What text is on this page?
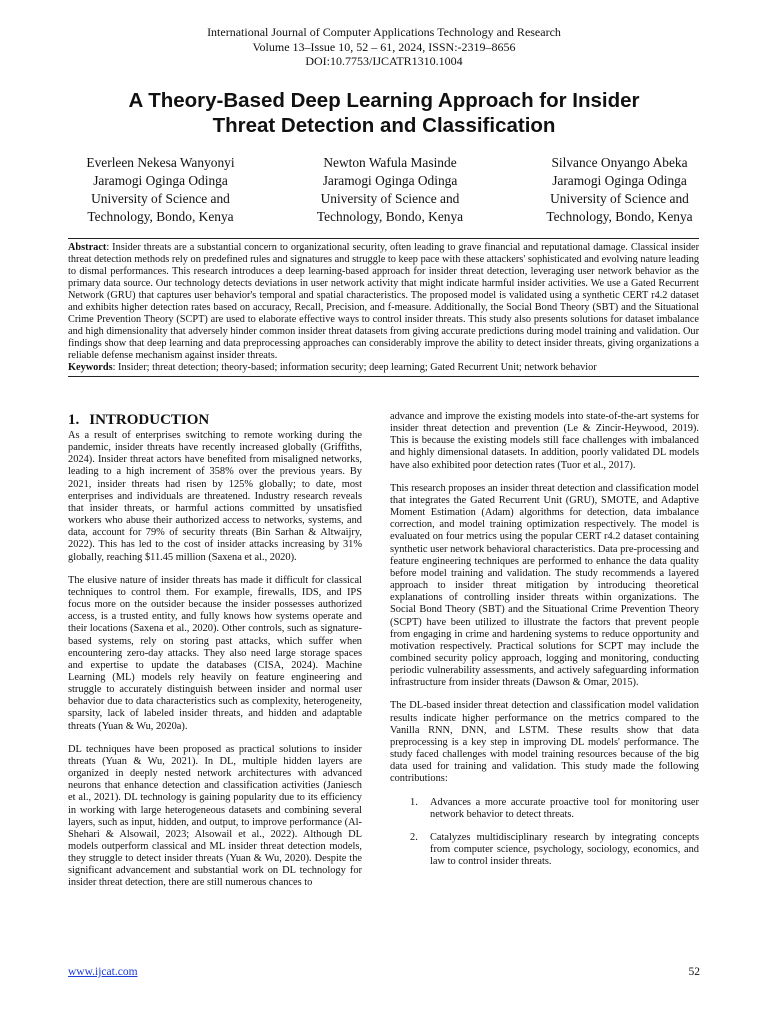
International Journal of Computer Applications Technology and Research
Volume 13–Issue 10, 52 – 61, 2024, ISSN:-2319–8656
DOI:10.7753/IJCATR1310.1004
A Theory-Based Deep Learning Approach for Insider
Threat Detection and Classification
Everleen Nekesa Wanyonyi
Jaramogi Oginga Odinga
University of Science and
Technology, Bondo, Kenya
Newton Wafula Masinde
Jaramogi Oginga Odinga
University of Science and
Technology, Bondo, Kenya
Silvance Onyango Abeka
Jaramogi Oginga Odinga
University of Science and
Technology, Bondo, Kenya

Abstract: Insider threats are a substantial concern to organizational security, often leading to grave financial and reputational damage. Classical insider threat detection methods rely on predefined rules and signatures and struggle to keep pace with these attackers' sophisticated and evolving nature leading to dismal performances. This research introduces a deep learning-based approach for insider threat detection, leveraging user network behavior as the primary data source. Our technology detects deviations in user network activity that might indicate harmful insider activities. We use a Gated Recurrent Network (GRU) that captures user behavior's temporal and spatial characteristics. The proposed model is validated using a synthetic CERT r4.2 dataset and exhibits higher detection rates based on accuracy, Recall, Precision, and f-measure. Additionally, the Social Bond Theory (SBT) and the Situational Crime Prevention Theory (SCPT) are used to elaborate effective ways to control insider threats. This study also presents solutions for dataset imbalance and high dimensionality that adversely hinder common insider threat datasets from giving accurate predictions during model training and validation. Our findings show that deep learning and data preprocessing approaches can considerably improve the ability to detect insider threats, giving organizations a reliable defense mechanism against insider threats.

Keywords: Insider; threat detection; theory-based; information security; deep learning; Gated Recurrent Unit; network behavior

1. INTRODUCTION

As a result of enterprises switching to remote working during the pandemic, insider threats have recently increased globally (Griffiths, 2024). Insider threat actors have benefited from misaligned networks, leading to a high increment of 358% over the previous years. By 2021, insider threats had risen by 125% globally; to date, most enterprises and individuals are threatened. Industry research reveals that insider threats, or harmful actions committed by unsatisfied workers who abuse their authorized access to networks, systems, and data, account for 79% of security threats (Bin Sarhan & Altwaijry, 2022). This has led to the cost of insider attacks increasing by 31% globally, reaching $11.45 million (Saxena et al., 2020).

The elusive nature of insider threats has made it difficult for classical techniques to control them. For example, firewalls, IDS, and IPS focus more on the outsider because the insider possesses authorized access, is a trusted entity, and fully knows how systems operate and their locations (Saxena et al., 2020). Other controls, such as signature-based systems, rely on storing past attacks, which suffer when encountering zero-day attacks. They also need large storage spaces and expertise to update the databases (CISA, 2024). Machine Learning (ML) models rely heavily on feature engineering and struggle to accurately distinguish between insider and normal user behavior due to data characteristics such as complexity, heterogeneity, sparsity, lack of labeled insider threats, and hidden and adaptable threats (Yuan & Wu, 2020a).

DL techniques have been proposed as practical solutions to insider threats (Yuan & Wu, 2021). In DL, multiple hidden layers are organized in deeply nested network architectures with advanced neurons that enhance detection and classification activities (Janiesch et al., 2021). DL technology is gaining popularity due to its efficiency in working with large heterogeneous datasets and combining several layers, such as input, hidden, and output, to improve performance (Al-Shehari & Alsowail, 2023; Alsowail et al., 2022). Although DL models outperform classical and ML insider threat detection models, they struggle to detect insider threats (Yuan & Wu, 2020). Despite the significant advancement and substantial work on DL technology for insider threat detection, there are still numerous chances to

advance and improve the existing models into state-of-the-art systems for insider threat detection and prevention (Le & Zincir-Heywood, 2019). This is because the existing models still face challenges with imbalanced and highly dimensional datasets. In addition, poorly validated DL models have also exhibited poor detection rates (Tuor et al., 2017).

This research proposes an insider threat detection and classification model that integrates the Gated Recurrent Unit (GRU), SMOTE, and Adaptive Moment Estimation (Adam) algorithms for detection, data imbalance correction, and model training optimization respectively. The model is evaluated on four metrics using the popular CERT r4.2 dataset containing synthetic user network behavioral characteristics. Data pre-processing and feature engineering techniques are performed to enhance the data quality before model training and validation. The study recommends a layered approach to insider threat mitigation by introducing theoretical explanations of controlling insider threats within organizations. The Social Bond Theory (SBT) and the Situational Crime Prevention Theory (SCPT) have been utilized to illustrate the factors that prevent people from engaging in crime and hardening systems to reduce opportunity and motivation respectively. Practical solutions for SCPT may include the combined security policy approach, logging and monitoring, conducting periodic vulnerability assessments, and actively safeguarding information infrastructure from insider threats (Dawson & Omar, 2015).

The DL-based insider threat detection and classification model validation results indicate higher performance on the metrics compared to the Vanilla RNN, DNN, and LSTM. These results show that data preprocessing is a key step in improving DL models' performance. The study faced challenges with model training resources because of the big data used for training and validation. This study made the following contributions:

1.	Advances a more accurate proactive tool for monitoring user network behavior to detect threats.
2.	Catalyzes multidisciplinary research by integrating concepts from computer science, psychology, sociology, economics, and law to control insider threats.
www.ijcat.com	52
